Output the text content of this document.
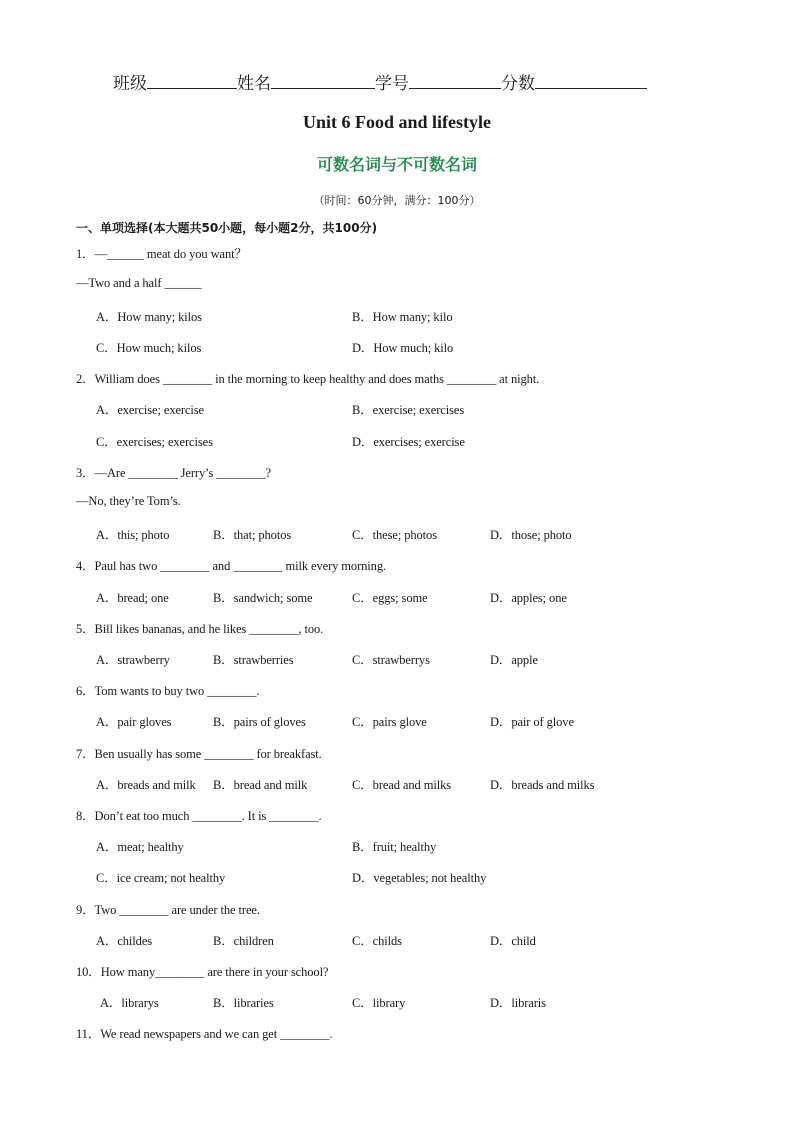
班级	姓名	学号	分数
Unit 6 Food and lifestyle
可数名词与不可数名词
（时间：60分钟，满分：100分）
一、单项选择(本大题共50小题，每小题2分，共100分)
1．—______ meat do you want？
—Two and a half ______
A．How many; kilos	B．How many; kilo
C．How much; kilos	D．How much; kilo
2．William does ________ in the morning to keep healthy and does maths ________ at night.
A．exercise; exercise	B．exercise; exercises
C．exercises; exercises	D．exercises; exercise
3．—Are ________ Jerry’s ________?
—No, they’re Tom’s.
A．this; photo	B．that; photos	C．these; photos	D．those; photo
4．Paul has two ________ and ________ milk every morning.
A．bread; one	B．sandwich; some	C．eggs; some	D．apples; one
5．Bill likes bananas, and he likes ________, too.
A．strawberry	B．strawberries	C．strawberrys	D．apple
6．Tom wants to buy two ________.
A．pair gloves	B．pairs of gloves	C．pairs glove	D．pair of glove
7．Ben usually has some ________ for breakfast.
A．breads and milk B．bread and milk	C．bread and milks	D．breads and milks
8．Don’t eat too much ________. It is ________.
A．meat; healthy	B．fruit; healthy
C．ice cream; not healthy	D．vegetables; not healthy
9．Two ________ are under the tree.
A．childes	B．children	C．childs	D．child
10．How many________ are there in your school?
A．librarys	B．libraries	C．library	D．libraris
11．We read newspapers and we can get ________.
